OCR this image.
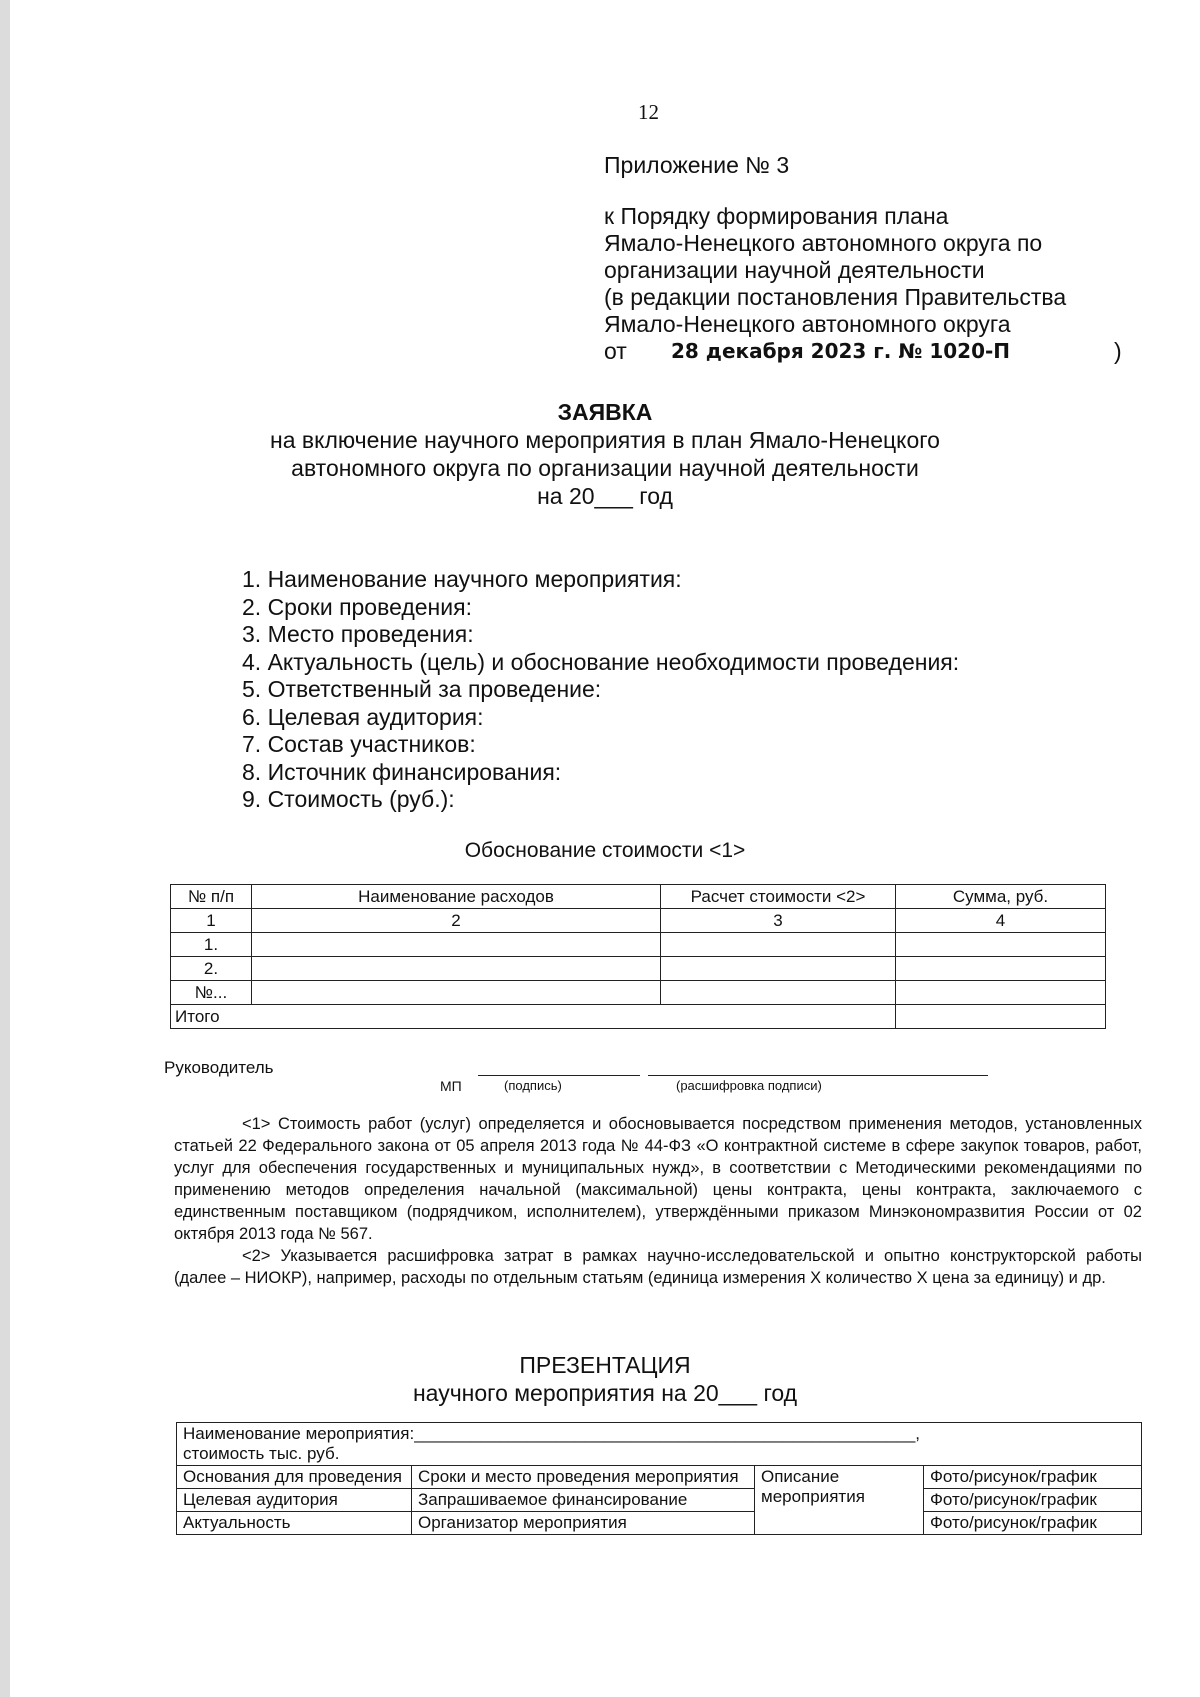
12
Приложение № 3
к Порядку формирования плана
Ямало-Ненецкого автономного округа по
организации научной деятельности
(в редакции постановления Правительства
Ямало-Ненецкого автономного округа
от 28 декабря 2023 г. № 1020-П	)
ЗАЯВКА
на включение научного мероприятия в план Ямало-Ненецкого
автономного округа по организации научной деятельности
на 20___ год
1. Наименование научного мероприятия:
2. Сроки проведения:
3. Место проведения:
4. Актуальность (цель) и обоснование необходимости проведения:
5. Ответственный за проведение:
6. Целевая аудитория:
7. Состав участников:
8. Источник финансирования:
9. Стоимость (руб.):
Обоснование стоимости <1>
№ п/п	Наименование расходов	Расчет стоимости <2>	Сумма, руб.
1	2	3	4
1.			
2.			
№...			
Итого			
Руководитель
МП	(подпись)	(расшифровка подписи)

<1> Стоимость работ (услуг) определяется и обосновывается посредством применения методов, установленных статьей 22 Федерального закона от 05 апреля 2013 года № 44-ФЗ «О контрактной системе в сфере закупок товаров, работ, услуг для обеспечения государственных и муниципальных нужд», в соответствии с Методическими рекомендациями по применению методов определения начальной (максимальной) цены контракта, цены контракта, заключаемого с единственным поставщиком (подрядчиком, исполнителем), утверждёнными приказом Минэкономразвития России от 02 октября 2013 года № 567.

<2> Указывается расшифровка затрат в рамках научно-исследовательской и опытно конструкторской работы (далее – НИОКР), например, расходы по отдельным статьям (единица измерения Х количество Х цена за единицу) и др.

ПРЕЗЕНТАЦИЯ
научного мероприятия на 20___ год
Наименование мероприятия:_____________________________________________________,
стоимость тыс. руб.			

Основания для проведения	Сроки и место проведения мероприятия	Описание мероприятия	Фото/рисунок/график
Целевая аудитория	Запрашиваемое финансирование		Фото/рисунок/график
Актуальность	Организатор мероприятия		Фото/рисунок/график
